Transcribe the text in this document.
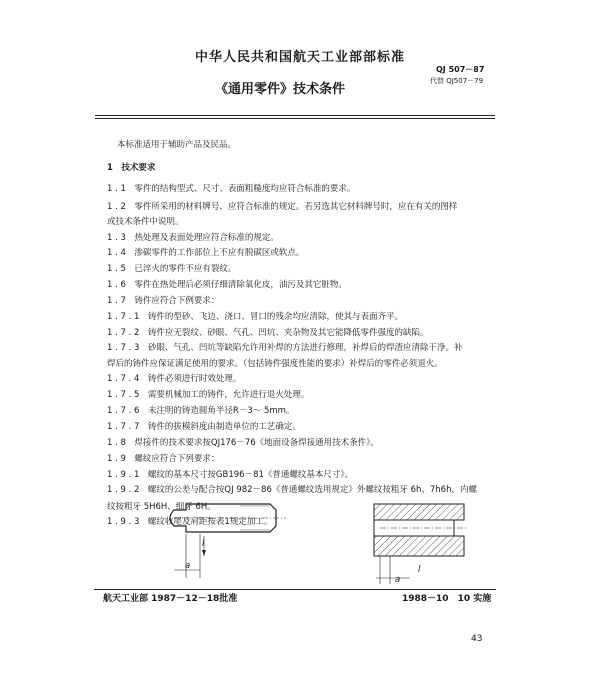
中华人民共和国航天工业部部标准
QJ 507－87
代替 QJ507－79
《通用零件》技术条件
本标准适用于辅助产品及民品。
1　技术要求
1 . 1　零件的结构型式、尺寸、表面粗糙度均应符合标准的要求。
1 . 2　零件所采用的材料牌号、应符合标准的规定。若另选其它材料牌号时，应在有关的图样
或技术条件中说明。
1 . 3　热处理及表面处理应符合标准的规定。
1 . 4　渗碳零件的工作部位上不应有脱碳区或软点。
1 . 5　已淬火的零件不应有裂纹。
1 . 6　零件在热处理后必须仔细清除氧化皮，油污及其它脏物。
1 . 7　铸件应符合下例要求：
1 . 7 . 1　铸件的型砂、飞边、浇口、冒口的残余均应清除，使其与表面齐平。
1 . 7 . 2　铸件应无裂纹、砂眼、气孔、凹坑、夹杂物及其它能降低零件强度的缺陷。
1 . 7 . 3　砂眼、气孔、凹坑等缺陷允许用补焊的方法进行修理，补焊后的焊渣应清除干净。补
焊后的铸件应保证满足使用的要求。（包括铸件强度性能的要求）补焊后的零件必须退火。
1 . 7 . 4　铸件必须进行时效处理。
1 . 7 . 5　需要机械加工的铸件，允许进行退火处理。
1 . 7 . 6　未注明的铸造圆角半径R－3～ 5mm。
1 . 7 . 7　铸件的拔模斜度由制造单位的工艺确定。
1 . 8　焊接件的技术要求按QJ176－76《地面设备焊接通用技术条件》。
1 . 9　螺纹应符合下列要求：
1 . 9 . 1　螺纹的基本尺寸按GB196－81《普通螺纹基本尺寸》。
1 . 9 . 2　螺纹的公差与配合按QJ 982－86《普通螺纹选用规定》外螺纹按粗牙 6h、7h6h，内螺
纹按粗牙 5H6H、细牙 6H。
1 . 9 . 3　螺纹收尾及肩距按表1规定加工。
l
a	l
a
航天工业部 1987－12－18批准	1988－10　10 实施
43
